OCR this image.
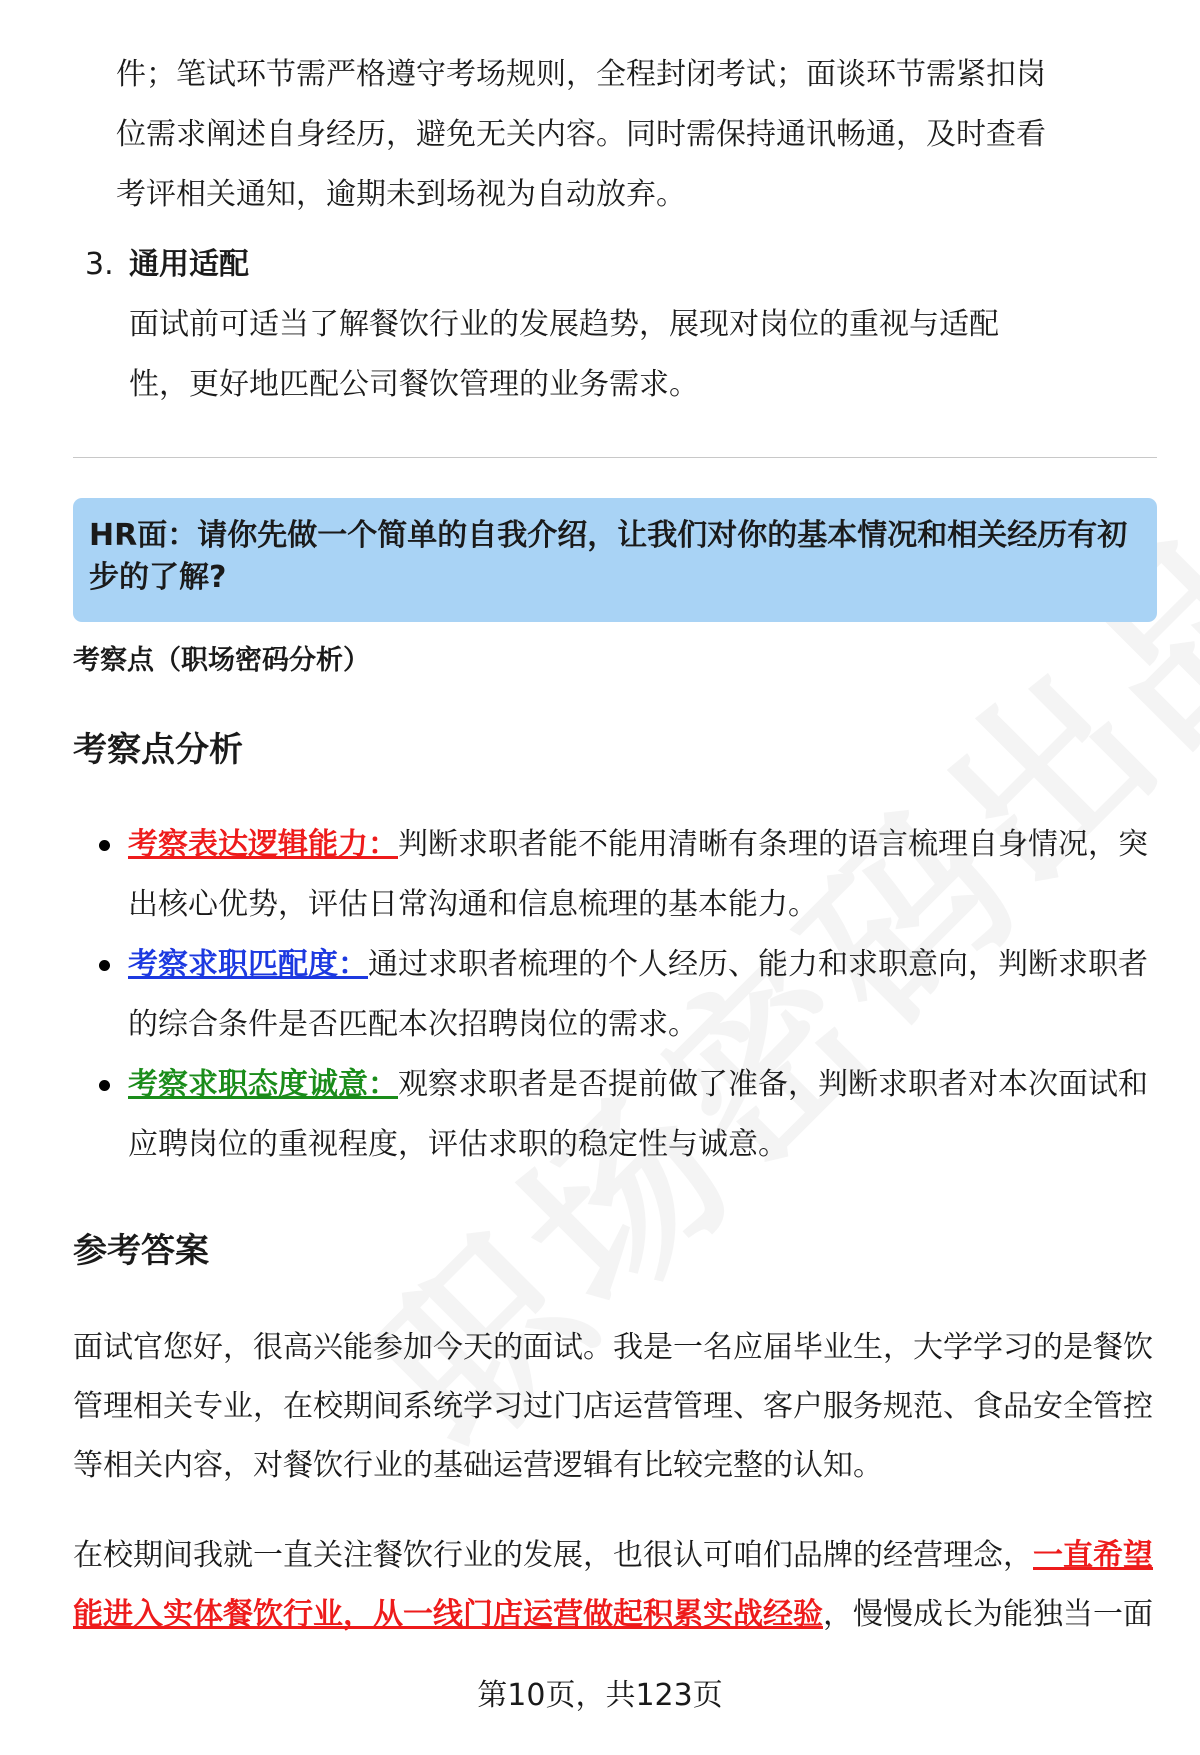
件；笔试环节需严格遵守考场规则，全程封闭考试；面谈环节需紧扣岗位需求阐述自身经历，避免无关内容。同时需保持通讯畅通，及时查看考评相关通知，逾期未到场视为自动放弃。
3. 通用适配
面试前可适当了解餐饮行业的发展趋势，展现对岗位的重视与适配性，更好地匹配公司餐饮管理的业务需求。
HR面：请你先做一个简单的自我介绍，让我们对你的基本情况和相关经历有初步的了解?
考察点（职场密码分析）
考察点分析
考察表达逻辑能力：判断求职者能不能用清晰有条理的语言梳理自身情况，突出核心优势，评估日常沟通和信息梳理的基本能力。
考察求职匹配度：通过求职者梳理的个人经历、能力和求职意向，判断求职者的综合条件是否匹配本次招聘岗位的需求。
考察求职态度诚意：观察求职者是否提前做了准备，判断求职者对本次面试和应聘岗位的重视程度，评估求职的稳定性与诚意。
参考答案
面试官您好，很高兴能参加今天的面试。我是一名应届毕业生，大学学习的是餐饮管理相关专业，在校期间系统学习过门店运营管理、客户服务规范、食品安全管控等相关内容，对餐饮行业的基础运营逻辑有比较完整的认知。
在校期间我就一直关注餐饮行业的发展，也很认可咱们品牌的经营理念，一直希望能进入实体餐饮行业，从一线门店运营做起积累实战经验，慢慢成长为能独当一面
第10页，共123页
